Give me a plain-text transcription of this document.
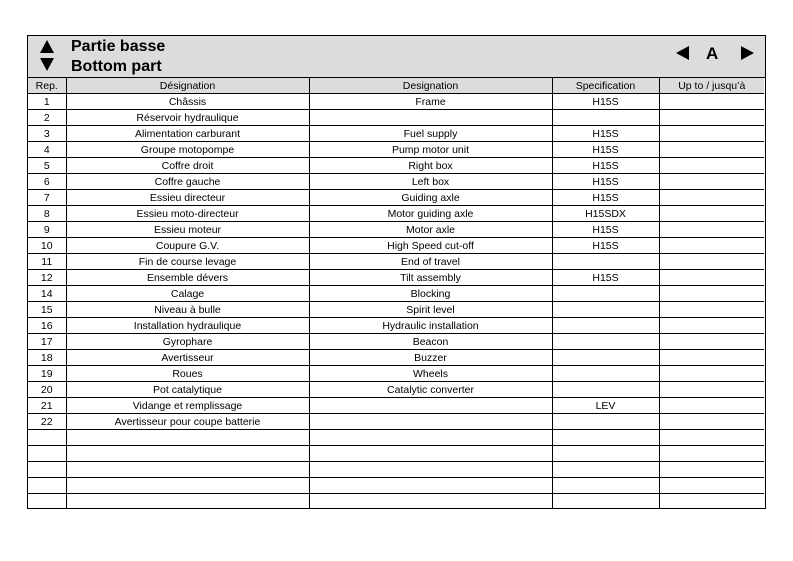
Partie basse
Bottom part
A
Rep.	Désignation	Designation	Specification	Up to / jusqu’à
1	Châssis	Frame	H15S	
2	Réservoir hydraulique			
3	Alimentation carburant	Fuel supply	H15S	
4	Groupe motopompe	Pump motor unit	H15S	
5	Coffre droit	Right box	H15S	
6	Coffre gauche	Left box	H15S	
7	Essieu directeur	Guiding axle	H15S	
8	Essieu moto-directeur	Motor guiding axle	H15SDX	
9	Essieu moteur	Motor axle	H15S	
10	Coupure G.V.	High Speed cut-off	H15S	
11	Fin de course levage	End of travel		
12	Ensemble dévers	Tilt assembly	H15S	
14	Calage	Blocking		
15	Niveau à bulle	Spirit level		
16	Installation hydraulique	Hydraulic installation		
17	Gyrophare	Beacon		
18	Avertisseur	Buzzer		
19	Roues	Wheels		
20	Pot catalytique	Catalytic converter		
21	Vidange et remplissage		LEV	
22	Avertisseur pour coupe batterie			
